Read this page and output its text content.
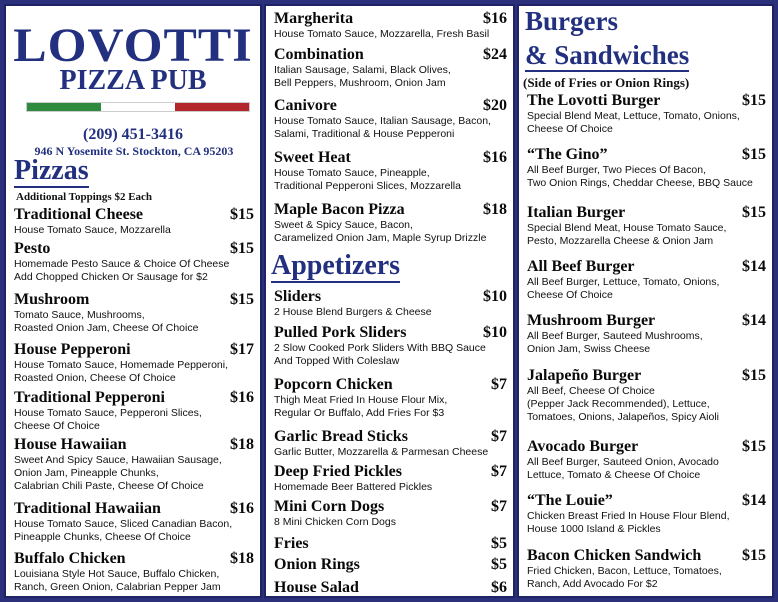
LOVOTTI
PIZZA PUB
(209) 451-3416
946 N Yosemite St. Stockton, CA 95203
Pizzas
Additional Toppings $2 Each
Traditional Cheese	$15
House Tomato Sauce, Mozzarella
Pesto	$15
Homemade Pesto Sauce & Choice Of Cheese
Add Chopped Chicken Or Sausage for $2
Mushroom	$15
Tomato Sauce, Mushrooms,
Roasted Onion Jam, Cheese Of Choice
House Pepperoni	$17
House Tomato Sauce, Homemade Pepperoni,
Roasted Onion, Cheese Of Choice
Traditional Pepperoni	$16
House Tomato Sauce, Pepperoni Slices,
Cheese Of Choice
House Hawaiian	$18
Sweet And Spicy Sauce, Hawaiian Sausage,
Onion Jam, Pineapple Chunks,
Calabrian Chili Paste, Cheese Of Choice
Traditional Hawaiian	$16
House Tomato Sauce, Sliced Canadian Bacon,
Pineapple Chunks, Cheese Of Choice
Buffalo Chicken	$18
Louisiana Style Hot Sauce, Buffalo Chicken,
Ranch, Green Onion, Calabrian Pepper Jam
Appetizers
Margherita	$16
House Tomato Sauce, Mozzarella, Fresh Basil
Combination	$24
Italian Sausage, Salami, Black Olives,
Bell Peppers, Mushroom, Onion Jam
Canivore	$20
House Tomato Sauce, Italian Sausage, Bacon,
Salami, Traditional & House Pepperoni
Sweet Heat	$16
House Tomato Sauce, Pineapple,
Traditional Pepperoni Slices, Mozzarella
Maple Bacon Pizza	$18
Sweet & Spicy Sauce, Bacon,
Caramelized Onion Jam, Maple Syrup Drizzle
Sliders	$10
2 House Blend Burgers & Cheese
Pulled Pork Sliders	$10
2 Slow Cooked Pork Sliders With BBQ Sauce
And Topped With Coleslaw
Popcorn Chicken	$7
Thigh Meat Fried In House Flour Mix,
Regular Or Buffalo, Add Fries For $3
Garlic Bread Sticks	$7
Garlic Butter, Mozzarella & Parmesan Cheese
Deep Fried Pickles	$7
Homemade Beer Battered Pickles
Mini Corn Dogs	$7
8 Mini Chicken Corn Dogs
Fries	$5
Onion Rings	$5
House Salad	$6
Burgers
& Sandwiches
(Side of Fries or Onion Rings)
The Lovotti Burger	$15
Special Blend Meat, Lettuce, Tomato, Onions,
Cheese Of Choice
“The Gino”	$15
All Beef Burger, Two Pieces Of Bacon,
Two Onion Rings, Cheddar Cheese, BBQ Sauce
Italian Burger	$15
Special Blend Meat, House Tomato Sauce,
Pesto, Mozzarella Cheese & Onion Jam
All Beef Burger	$14
All Beef Burger, Lettuce, Tomato, Onions,
Cheese Of Choice
Mushroom Burger	$14
All Beef Burger, Sauteed Mushrooms,
Onion Jam, Swiss Cheese
Jalapeño Burger	$15
All Beef, Cheese Of Choice
(Pepper Jack Recommended), Lettuce,
Tomatoes, Onions, Jalapeños, Spicy Aioli
Avocado Burger	$15
All Beef Burger, Sauteed Onion, Avocado
Lettuce, Tomato & Cheese Of Choice
“The Louie”	$14
Chicken Breast Fried In House Flour Blend,
House 1000 Island & Pickles
Bacon Chicken Sandwich	$15
Fried Chicken, Bacon, Lettuce, Tomatoes,
Ranch, Add Avocado For $2
